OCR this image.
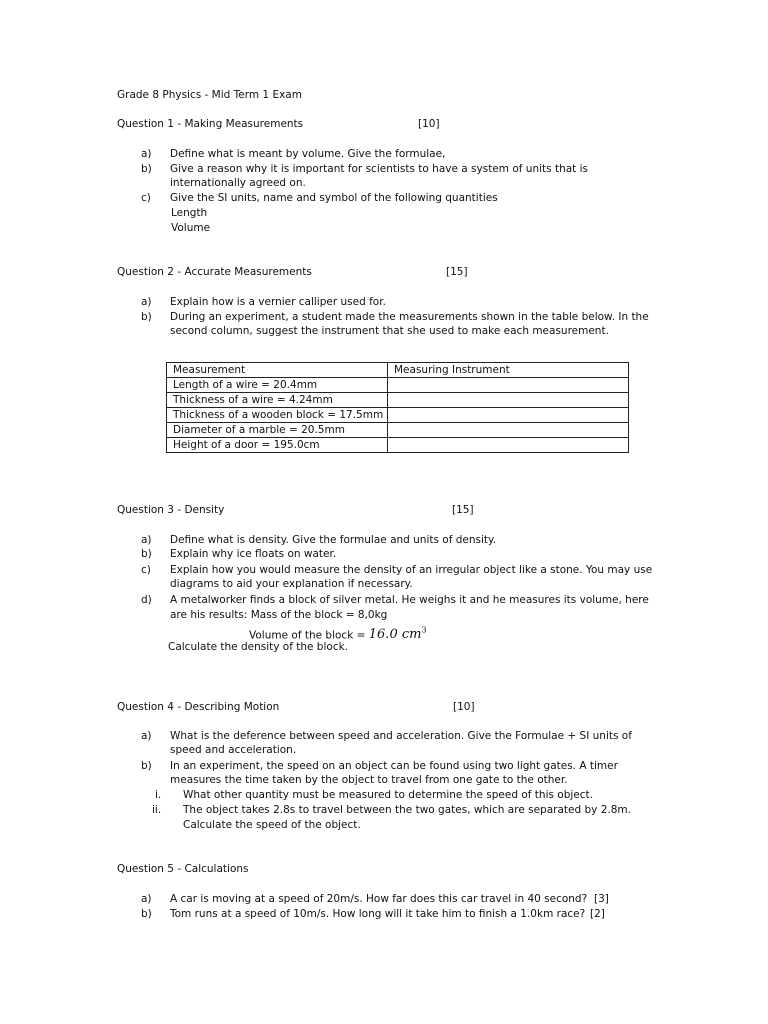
Grade 8 Physics - Mid Term 1 Exam
Question 1 - Making Measurements	[10]
a) Define what is meant by volume. Give the formulae,
b) Give a reason why it is important for scientists to have a system of units that is
internationally agreed on.
c) Give the SI units, name and symbol of the following quantities
Length
Volume
Question 2 - Accurate Measurements	[15]
a) Explain how is a vernier calliper used for.
b) During an experiment, a student made the measurements shown in the table below. In the
second column, suggest the instrument that she used to make each measurement.
Measurement	Measuring Instrument
Length of a wire = 20.4mm	
Thickness of a wire = 4.24mm	
Thickness of a wooden block = 17.5mm	
Diameter of a marble = 20.5mm	
Height of a door = 195.0cm	
Question 3 - Density	[15]
a) Define what is density. Give the formulae and units of density.
b) Explain why ice floats on water.
c) Explain how you would measure the density of an irregular object like a stone. You may use
diagrams to aid your explanation if necessary.
d) A metalworker finds a block of silver metal. He weighs it and he measures its volume, here
are his results: Mass of the block = 8,0kg
Volume of the block = 16.0 $cm^3$
Calculate the density of the block.
Question 4 - Describing Motion	[10]
a) What is the deference between speed and acceleration. Give the Formulae + SI units of
speed and acceleration.
b) In an experiment, the speed on an object can be found using two light gates. A timer
measures the time taken by the object to travel from one gate to the other.
i. What other quantity must be measured to determine the speed of this object.
ii. The object takes 2.8s to travel between the two gates, which are separated by 2.8m.
Calculate the speed of the object.
Question 5 - Calculations
a) A car is moving at a speed of 20m/s. How far does this car travel in 40 second? [3]
b) Tom runs at a speed of 10m/s. How long will it take him to finish a 1.0km race? [2]
